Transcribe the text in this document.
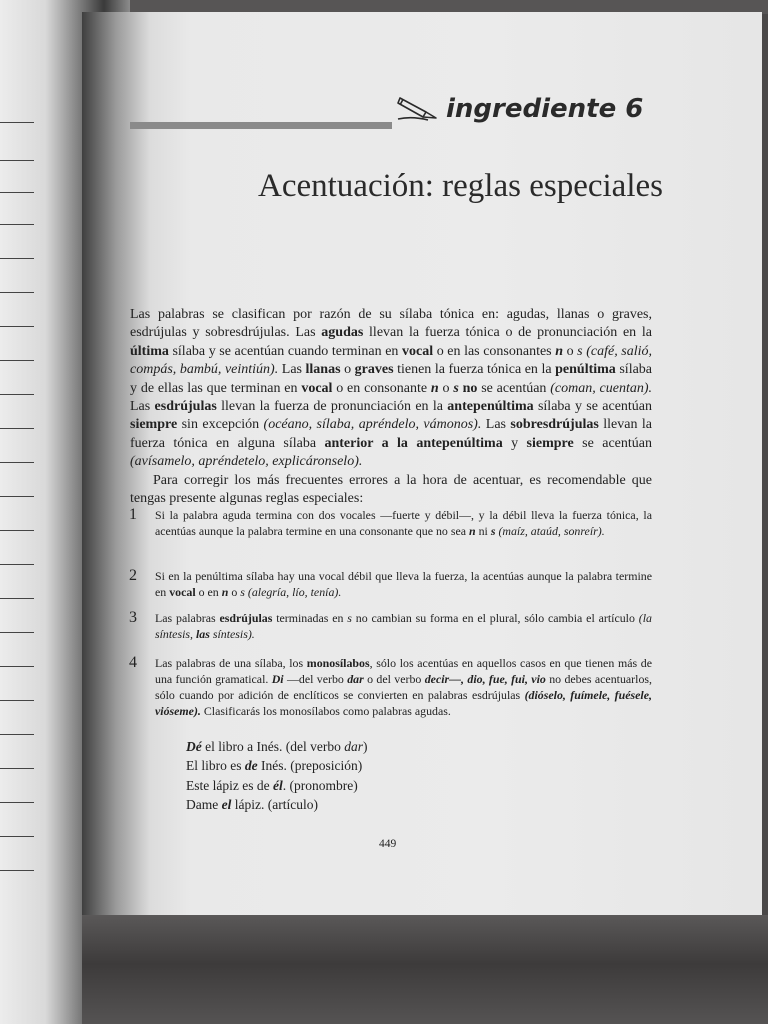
ingrediente 6
Acentuación: reglas especiales

Las palabras se clasifican por razón de su sílaba tónica en: agudas, llanas o graves, esdrújulas y sobresdrújulas. Las agudas llevan la fuerza tónica o de pronunciación en la última sílaba y se acentúan cuando terminan en vocal o en las consonantes n o s (café, salió, compás, bambú, veintiún). Las llanas o graves tienen la fuerza tónica en la penúltima sílaba y de ellas las que terminan en vocal o en consonante n o s no se acentúan (coman, cuentan). Las esdrújulas llevan la fuerza de pronunciación en la antepenúltima sílaba y se acentúan siempre sin excepción (océano, sílaba, apréndelo, vámonos). Las sobresdrújulas llevan la fuerza tónica en alguna sílaba anterior a la antepenúltima y siempre se acentúan (avísamelo, apréndetelo, explicáronselo).

Para corregir los más frecuentes errores a la hora de acentuar, es recomendable que tengas presente algunas reglas especiales:

1 Si la palabra aguda termina con dos vocales —fuerte y débil—, y la débil lleva la fuerza tónica, la acentúas aunque la palabra termine en una consonante que no sea n ni s (maíz, ataúd, sonreír).
2 Si en la penúltima sílaba hay una vocal débil que lleva la fuerza, la acentúas aunque la palabra termine en vocal o en n o s (alegría, lío, tenía).
3 Las palabras esdrújulas terminadas en s no cambian su forma en el plural, sólo cambia el artículo (la síntesis, las síntesis).
4 Las palabras de una sílaba, los monosílabos, sólo los acentúas en aquellos casos en que tienen más de una función gramatical. Di —del verbo dar o del verbo decir—, dio, fue, fui, vio no debes acentuarlos, sólo cuando por adición de enclíticos se convierten en palabras esdrújulas (dióselo, fuímele, fuésele, vióseme). Clasificarás los monosílabos como palabras agudas.
Dé el libro a Inés. (del verbo dar)
El libro es de Inés. (preposición)
Este lápiz es de él. (pronombre)
Dame el lápiz. (artículo)
449
